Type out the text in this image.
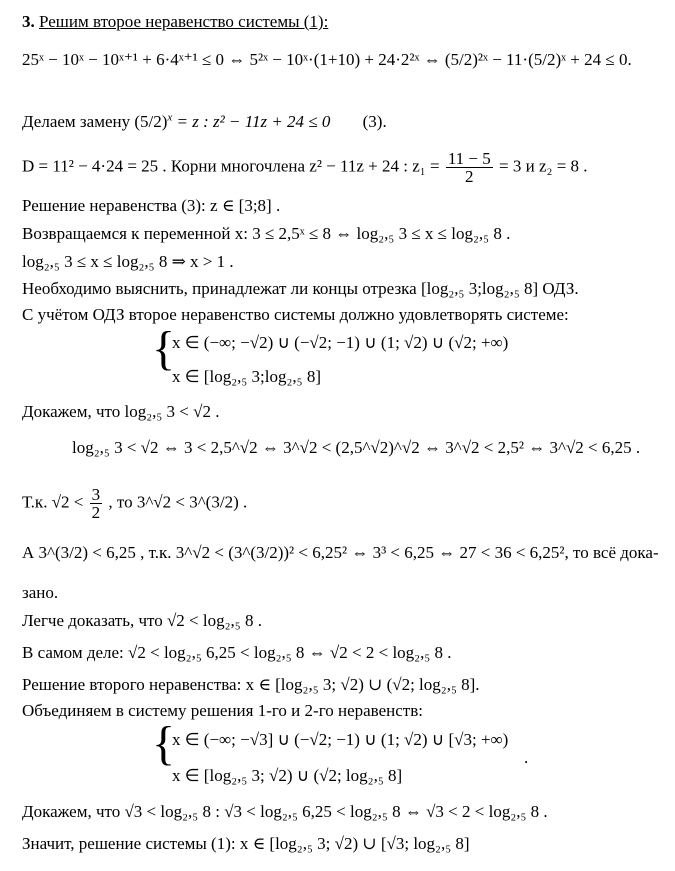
3. Решим второе неравенство системы (1):
25ˣ − 10ˣ − 10ˣ⁺¹ + 6·4ˣ⁺¹ ≤ 0 ⇔ 5²ˣ − 10ˣ·(1+10) + 24·2²ˣ ⇔ (5/2)²ˣ − 11·(5/2)ˣ + 24 ≤ 0.
Делаем замену $(5/2)^x = z$ : z² − 11z + 24 ≤ 0 (3).
D = 11² − 4·24 = 25 . Корни многочлена z² − 11z + 24 : $z_1 = \frac{11 - 5}{2} = 3$ и z₂ = 8 .
Решение неравенства (3): z ∈ [3;8] .
Возвращаемся к переменной x: 3 ≤ 2,5ˣ ≤ 8 ⇔ log₂,₅ 3 ≤ x ≤ log₂,₅ 8 .
log₂,₅ 3 ≤ x ≤ log₂,₅ 8 ⇒ x > 1 .
Необходимо выяснить, принадлежат ли концы отрезка [log₂,₅ 3;log₂,₅ 8] ОДЗ.
С учётом ОДЗ второе неравенство системы должно удовлетворять системе:
{
x ∈ (−∞; −√2) ∪ (−√2; −1) ∪ (1; √2) ∪ (√2; +∞)
x ∈ [log₂,₅ 3;log₂,₅ 8]
Докажем, что log₂,₅ 3 < √2 .
log₂,₅ 3 < √2 ⇔ 3 < 2,5^√2 ⇔ 3^√2 < (2,5^√2)^√2 ⇔ 3^√2 < 2,5² ⇔ 3^√2 < 6,25 .
Т.к. $√2 < \frac{3}{2}$ , то 3^√2 < 3^(3/2) .
А 3^(3/2) < 6,25 , т.к. 3^√2 < (3^(3/2))² < 6,25² ⇔ 3³ < 6,25 ⇔ 27 < 36 < 6,25², то всё дока-
зано.
Легче доказать, что √2 < log₂,₅ 8 .
В самом деле: √2 < log₂,₅ 6,25 < log₂,₅ 8 ⇔ √2 < 2 < log₂,₅ 8 .
Решение второго неравенства: x ∈ [log₂,₅ 3; √2) ∪ (√2; log₂,₅ 8].
Объединяем в систему решения 1-го и 2-го неравенств:
{
x ∈ (−∞; −√3] ∪ (−√2; −1) ∪ (1; √2) ∪ [√3; +∞)
x ∈ [log₂,₅ 3; √2) ∪ (√2; log₂,₅ 8]
.
Докажем, что √3 < log₂,₅ 8 : √3 < log₂,₅ 6,25 < log₂,₅ 8 ⇔ √3 < 2 < log₂,₅ 8 .
Значит, решение системы (1): x ∈ [log₂,₅ 3; √2) ∪ [√3; log₂,₅ 8]
